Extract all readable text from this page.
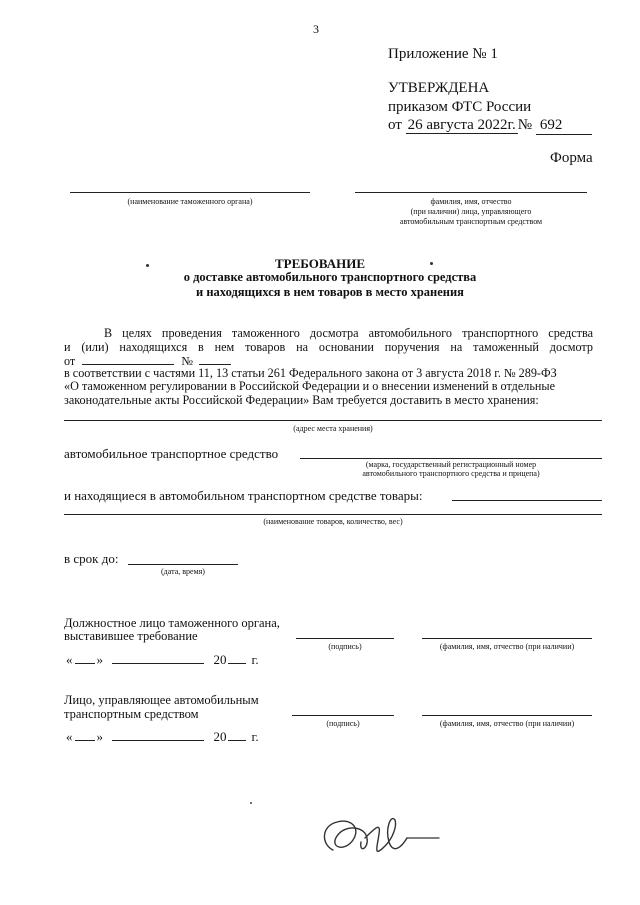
3
Приложение № 1
УТВЕРЖДЕНА
приказом ФТС России
от 26 августа 2022г. № 692
Форма
(наименование таможенного органа)	фамилия, имя, отчество
(при наличии) лица, управляющего
автомобильным транспортным средством
ТРЕБОВАНИЕ
о доставке автомобильного транспортного средства
и находящихся в нем товаров в место хранения
В целях проведения таможенного досмотра автомобильного транспортного средства
и (или) находящихся в нем товаров на основании поручения на таможенный досмотр
от	№
в соответствии с частями 11, 13 статьи 261 Федерального закона от 3 августа 2018 г. № 289-ФЗ
«О таможенном регулировании в Российской Федерации и о внесении изменений в отдельные
законодательные акты Российской Федерации» Вам требуется доставить в место хранения:
(адрес места хранения)
автомобильное транспортное средство
(марка, государственный регистрационный номер
автомобильного транспортного средства и прицепа)
и находящиеся в автомобильном транспортном средстве товары:
(наименование товаров, количество, вес)
в срок до:
(дата, время)
Должностное лицо таможенного органа,
выставившее требование
(подпись)	(фамилия, имя, отчество (при наличии)
« »	20 г.
Лицо, управляющее автомобильным
транспортным средством
(подпись)	(фамилия, имя, отчество (при наличии)
« »	20 г.
